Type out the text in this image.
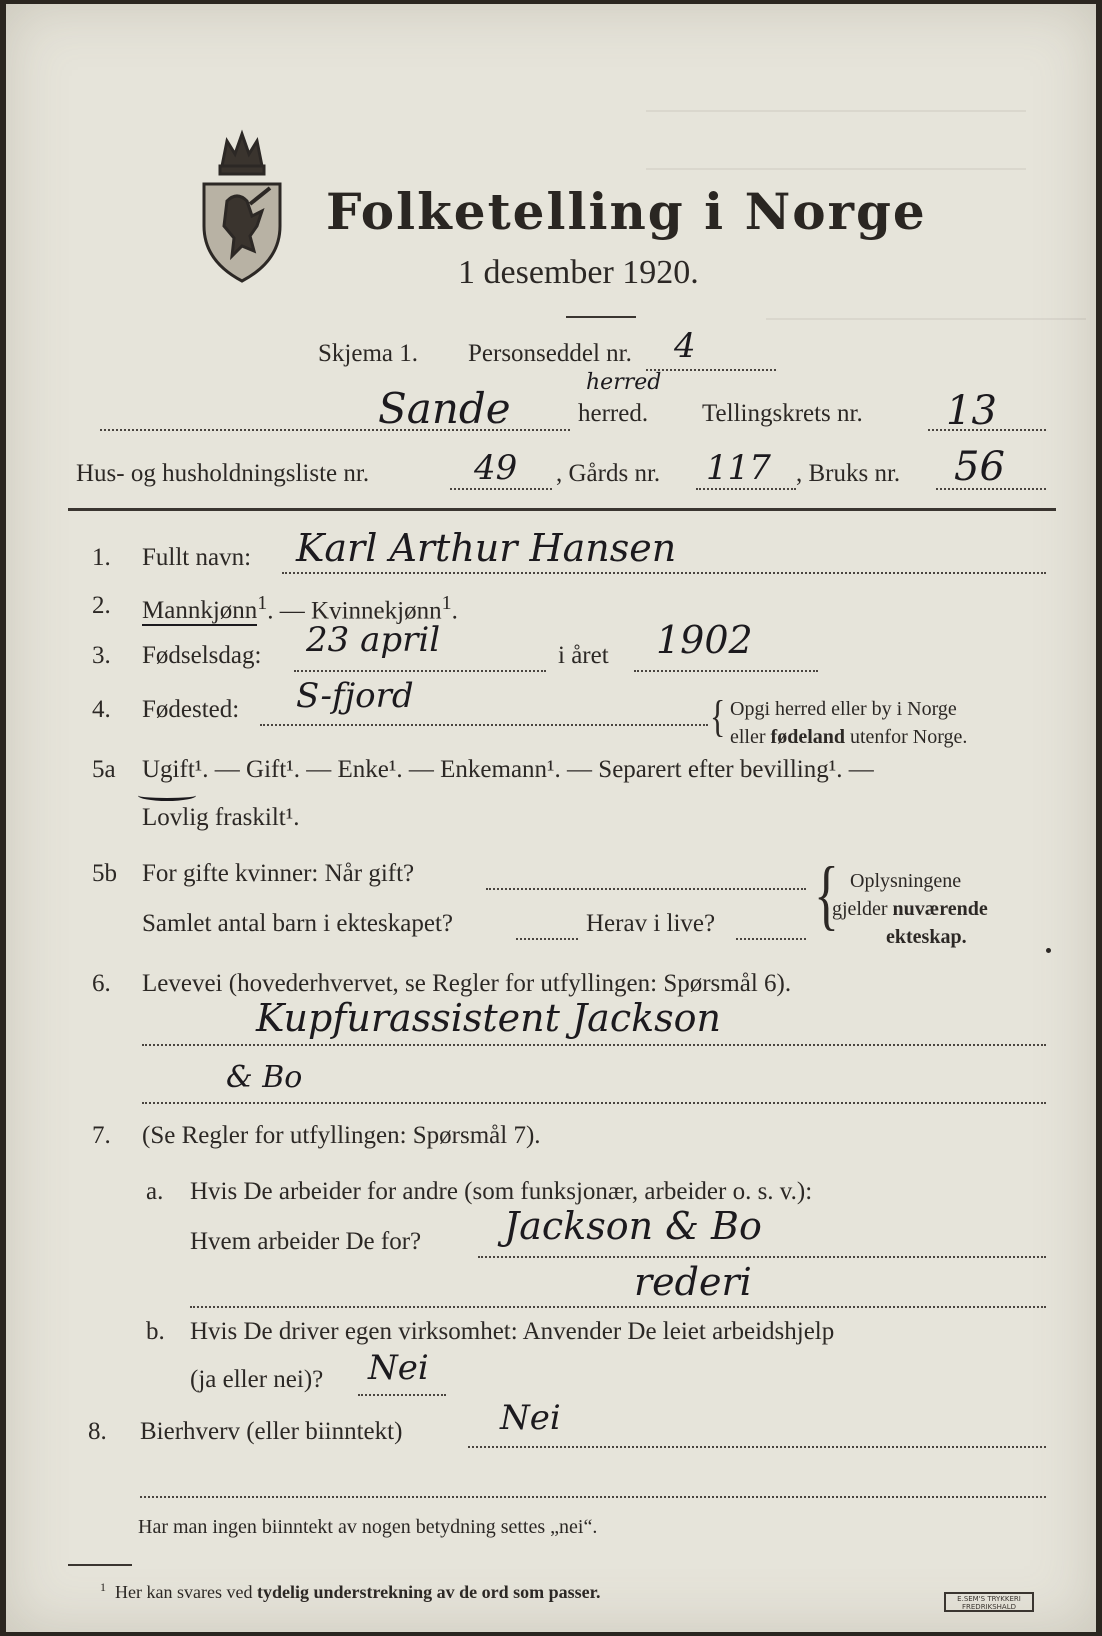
Folketelling i Norge
1 desember 1920.
Skjema 1. Personseddel nr. 4
Sande
herred
herred. Tellingskrets nr. 13
Hus- og husholdningsliste nr.	49 , Gårds nr. 117 , Bruks nr. 56
1. Fullt navn: Karl Arthur Hansen
2. Mannkjønn$^1$. — Kvinnekjønn$^1$.
3. Fødselsdag: 23 april	i året 1902
4. Fødested: S-fjord	{ Opgi herred eller by i Norge
eller fødeland utenfor Norge.
5a Ugift¹. — Gift¹. — Enke¹. — Enkemann¹. — Separert efter bevilling¹. —
Lovlig fraskilt¹.
5b For gifte kvinner: Når gift?
Samlet antal barn i ekteskapet?	Herav i live? { Oplysningene
gjelder nuværende
ekteskap.
6. Levevei (hovederhvervet, se Regler for utfyllingen: Spørsmål 6).
Kupfurassistent Jackson
& Bo
7. (Se Regler for utfyllingen: Spørsmål 7).
a. Hvis De arbeider for andre (som funksjonær, arbeider o. s. v.):
Hvem arbeider De for? Jackson & Bo
rederi
b. Hvis De driver egen virksomhet: Anvender De leiet arbeidshjelp
(ja eller nei)? Nei
8. Bierhverv (eller biinntekt)	Nei
Har man ingen biinntekt av nogen betydning settes „nei“.
$^1$ Her kan svares ved tydelig understrekning av de ord som passer.	E.SEM'S TRYKKERI FREDRIKSHALD
